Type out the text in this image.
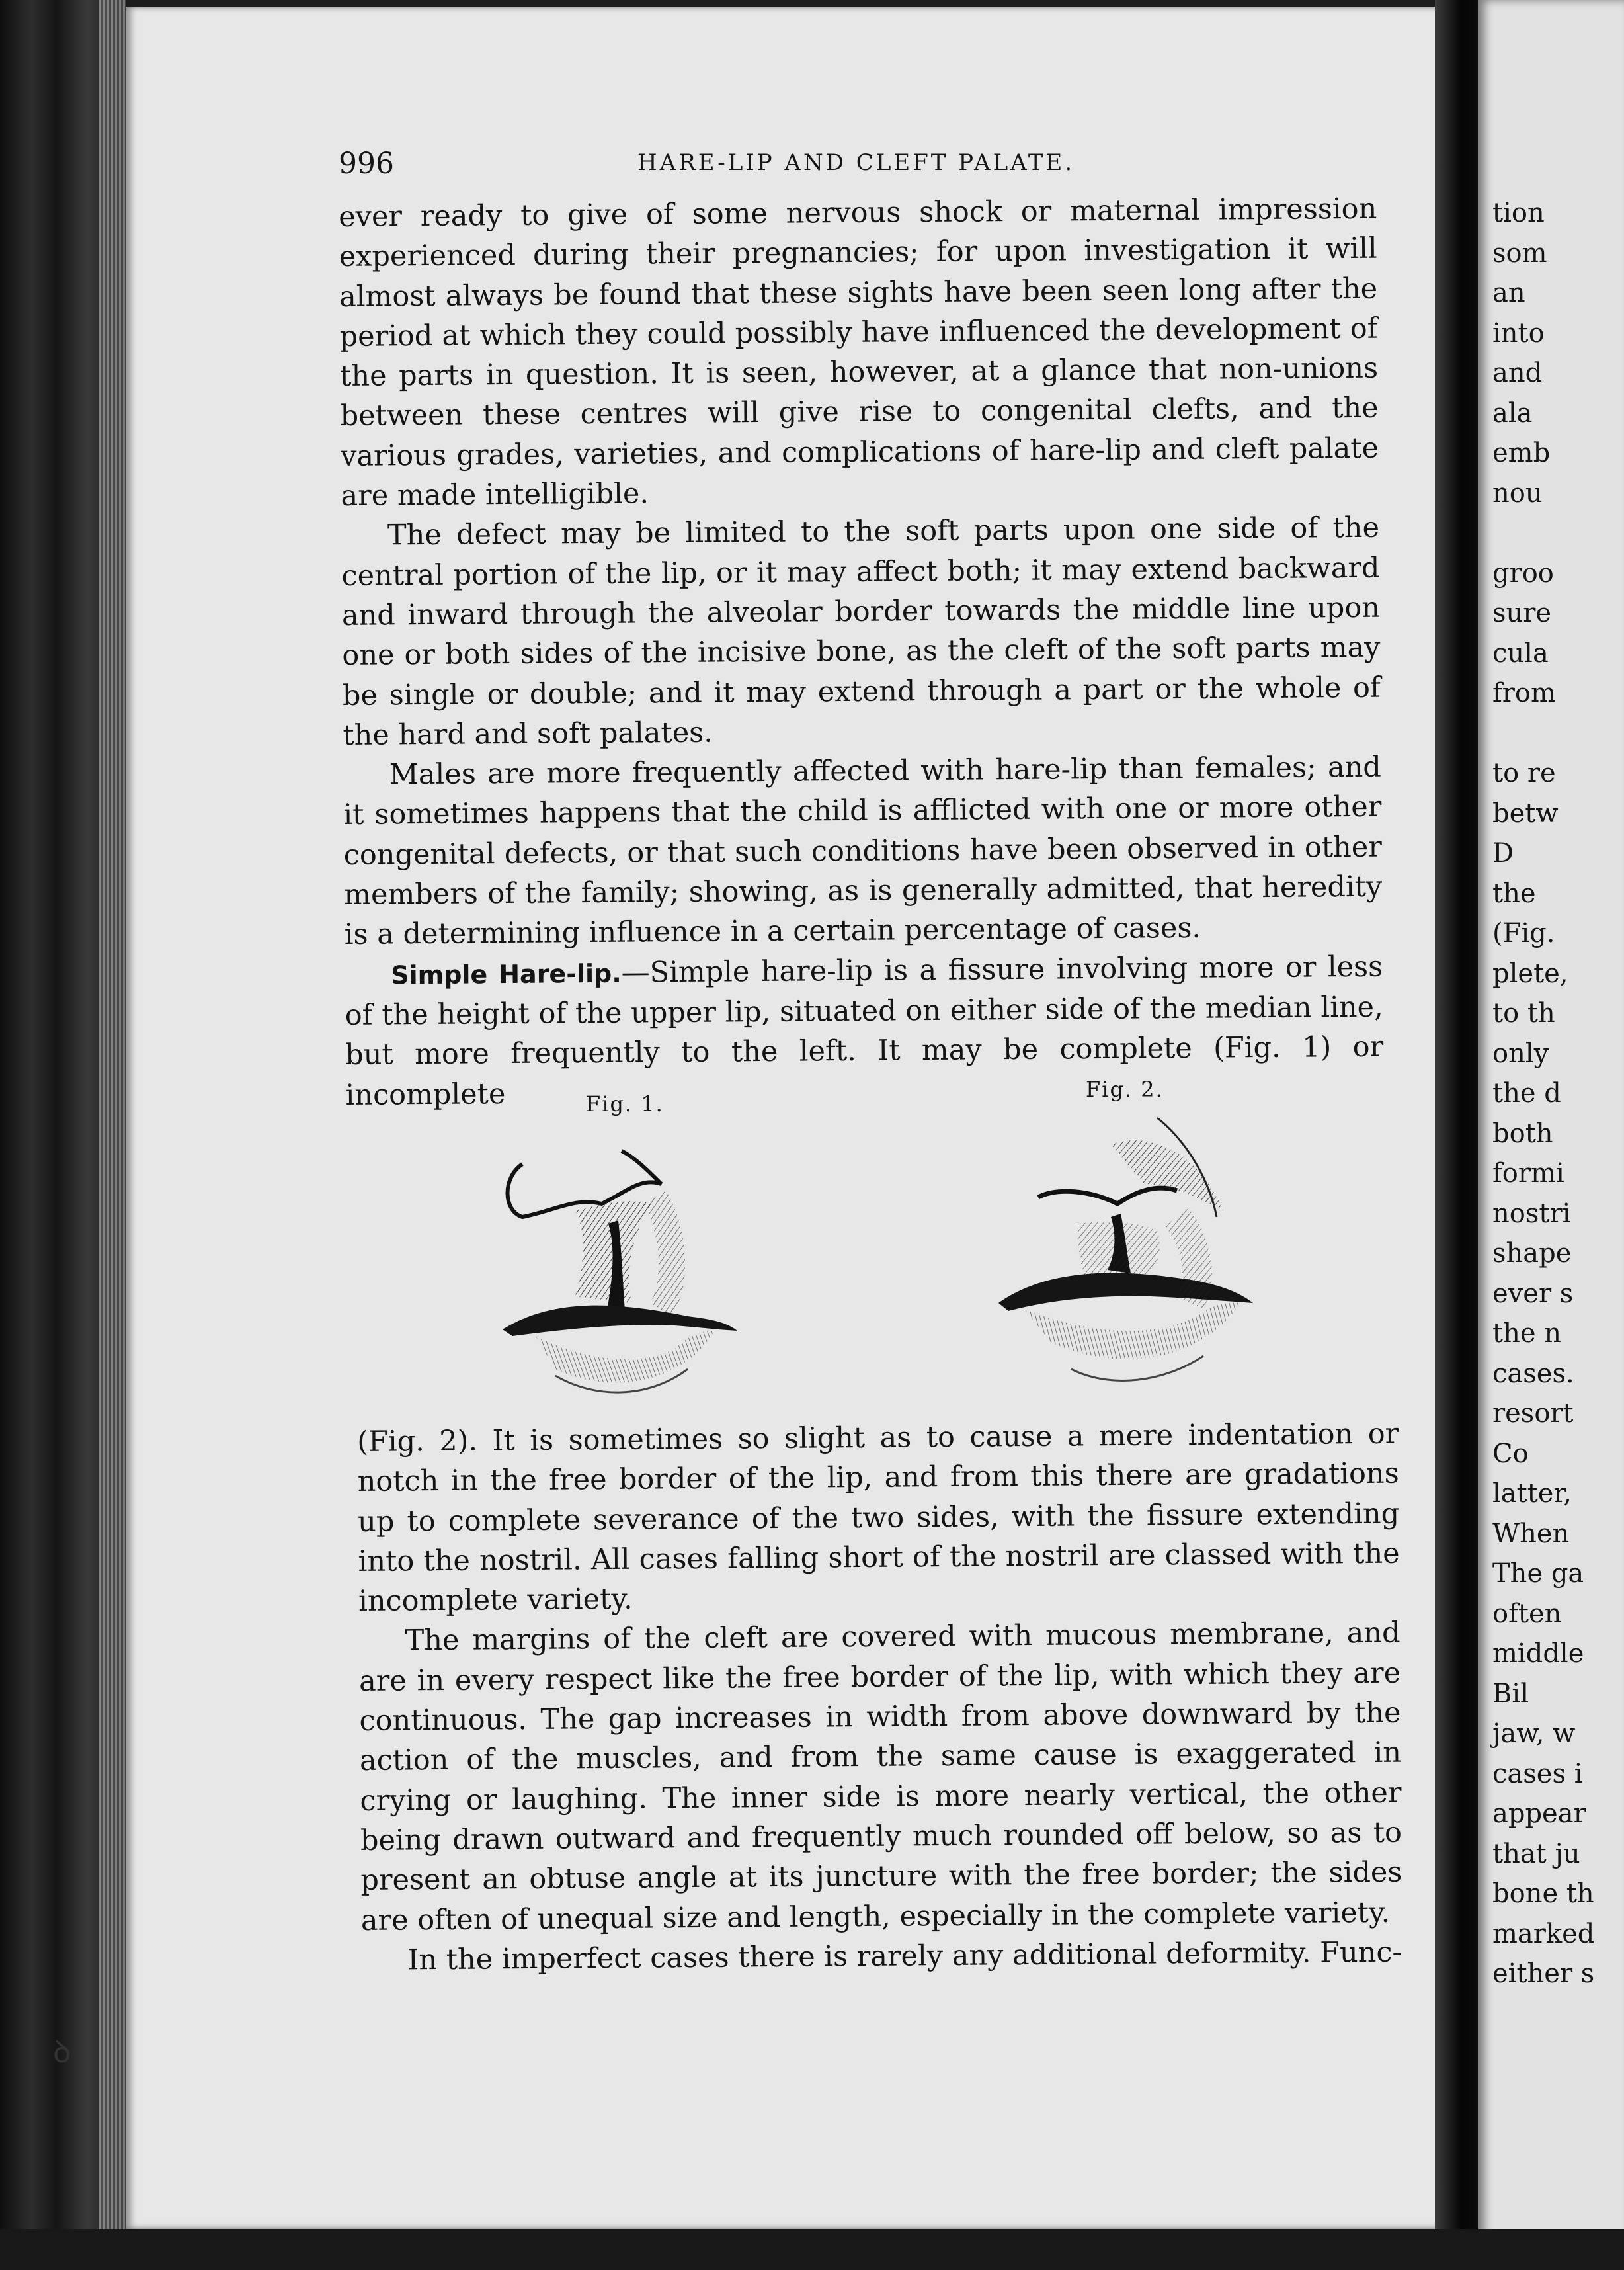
tion
som
an
into
and
ala
emb
nou

groo
sure
cula
from

to re
betw
D
the
(Fig.
plete,
to th
only
the d
both
formi
nostri
shape
ever s
the n
cases.
resort
Co
latter,
When
The ga
often
middle
Bil
jaw, w
cases i
appear
that ju
bone th
marked
either s
996	HARE-LIP AND CLEFT PALATE.

ever ready to give of some nervous shock or maternal impression experienced during their pregnancies; for upon investigation it will almost always be found that these sights have been seen long after the period at which they could possibly have influenced the development of the parts in question. It is seen, however, at a glance that non-unions between these centres will give rise to congenital clefts, and the various grades, varieties, and complications of hare-lip and cleft palate are made intelligible.

The defect may be limited to the soft parts upon one side of the central portion of the lip, or it may affect both; it may extend backward and inward through the alveolar border towards the middle line upon one or both sides of the incisive bone, as the cleft of the soft parts may be single or double; and it may extend through a part or the whole of the hard and soft palates.

Males are more frequently affected with hare-lip than females; and it sometimes happens that the child is afflicted with one or more other congenital defects, or that such conditions have been observed in other members of the family; showing, as is generally admitted, that heredity is a determining influence in a certain percentage of cases.

Simple Hare-lip.—Simple hare-lip is a fissure involving more or less of the height of the upper lip, situated on either side of the median line, but more frequently to the left. It may be complete (Fig. 1) or incomplete	Fig. 1.
Fig. 2.

(Fig. 2). It is sometimes so slight as to cause a mere indentation or notch in the free border of the lip, and from this there are gradations up to complete severance of the two sides, with the fissure extending into the nostril. All cases falling short of the nostril are classed with the incomplete variety.

The margins of the cleft are covered with mucous membrane, and are in every respect like the free border of the lip, with which they are continuous. The gap increases in width from above downward by the action of the muscles, and from the same cause is exaggerated in crying or laughing. The inner side is more nearly vertical, the other being drawn outward and frequently much rounded off below, so as to present an obtuse angle at its juncture with the free border; the sides are often of unequal size and length, especially in the complete variety.

In the imperfect cases there is rarely any additional deformity. Func-

ꝺ
